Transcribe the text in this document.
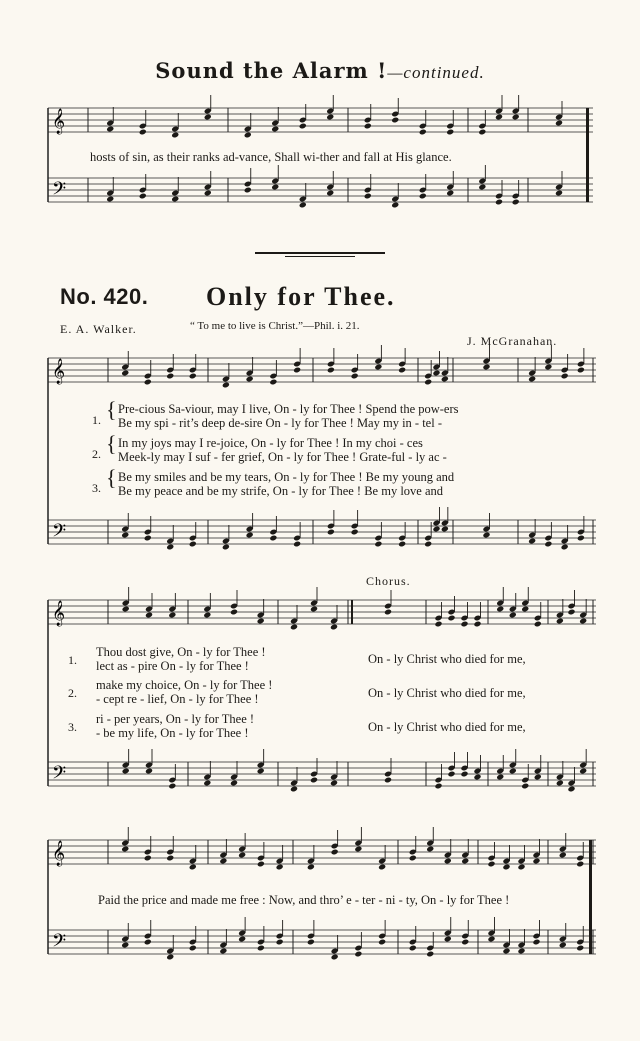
Sound the Alarm !—continued.
𝄞
𝄢
hosts of sin, as their ranks ad-vance, Shall wi-ther and fall at His glance.
No. 420. Only for Thee.
E. A. Walker.	“ To me to live is Christ.”—Phil. i. 21.
J. McGranahan.
𝄞
𝄢
1. { Pre-cious Sa-viour, may I live, On - ly for Thee ! Spend the pow-ers
Be my spi - rit’s deep de-sire On - ly for Thee ! May my in - tel -
2. { In my joys may I re-joice, On - ly for Thee ! In my choi - ces
Meek-ly may I suf - fer grief, On - ly for Thee ! Grate-ful - ly ac -
3. { Be my smiles and be my tears, On - ly for Thee ! Be my young and
Be my peace and be my strife, On - ly for Thee ! Be my love and
Chorus.
𝄞
𝄢
1.
Thou dost give, On - ly for Thee !
lect as - pire On - ly for Thee !
2.
make my choice, On - ly for Thee !
- cept re - lief, On - ly for Thee !
3.
ri - per years, On - ly for Thee !
- be my life, On - ly for Thee !
On - ly Christ who died for me,
On - ly Christ who died for me,
On - ly Christ who died for me,
𝄞
𝄢
Paid the price and made me free : Now, and thro’ e - ter - ni - ty, On - ly for Thee !
